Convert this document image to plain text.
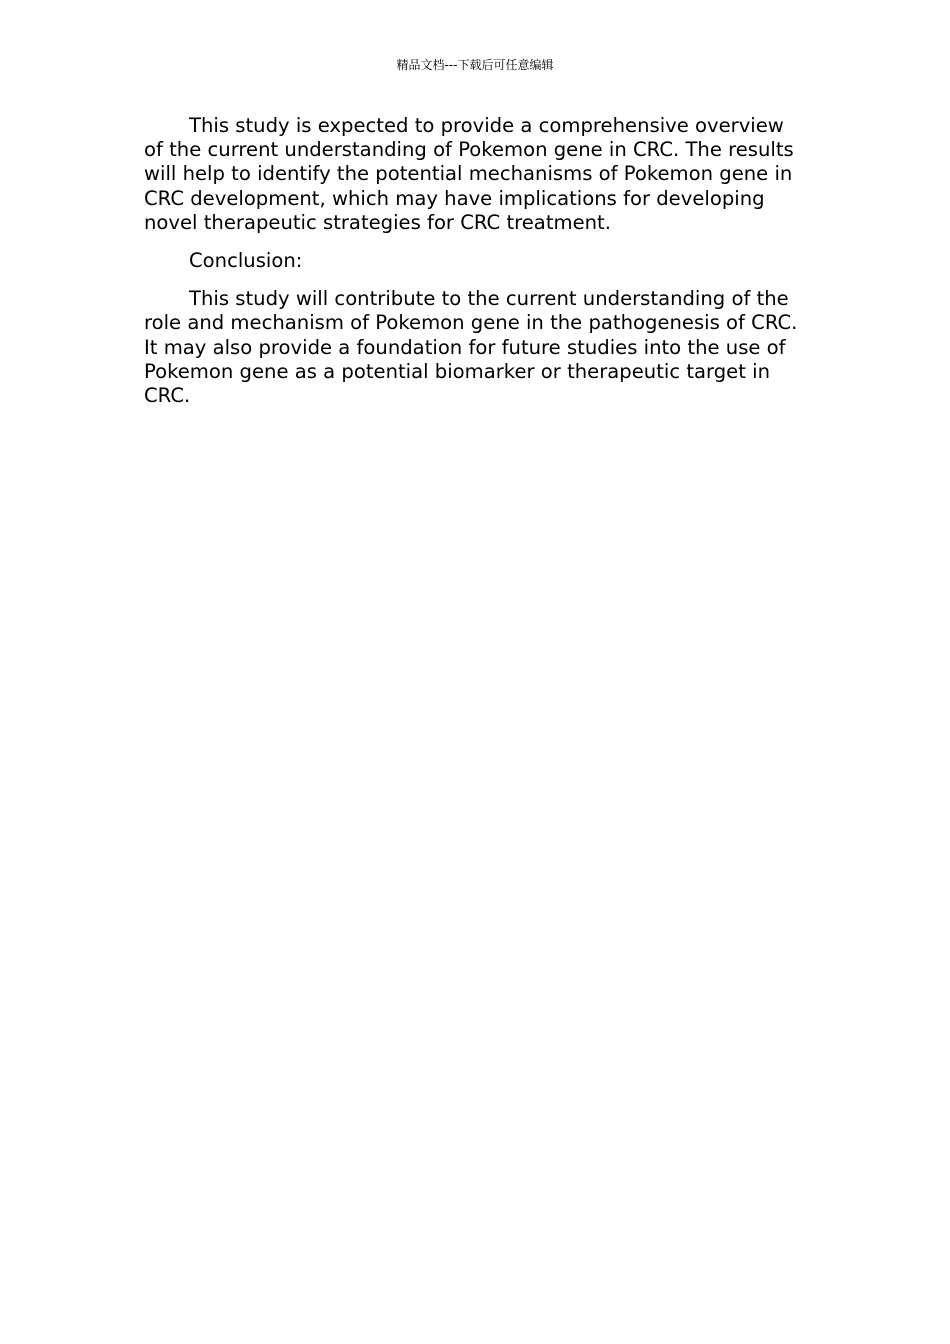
精品文档---下载后可任意编辑

This study is expected to provide a comprehensive overview of the current understanding of Pokemon gene in CRC. The results will help to identify the potential mechanisms of Pokemon gene in CRC development, which may have implications for developing novel therapeutic strategies for CRC treatment.

Conclusion:

This study will contribute to the current understanding of the role and mechanism of Pokemon gene in the pathogenesis of CRC. It may also provide a foundation for future studies into the use of Pokemon gene as a potential biomarker or therapeutic target in CRC.
